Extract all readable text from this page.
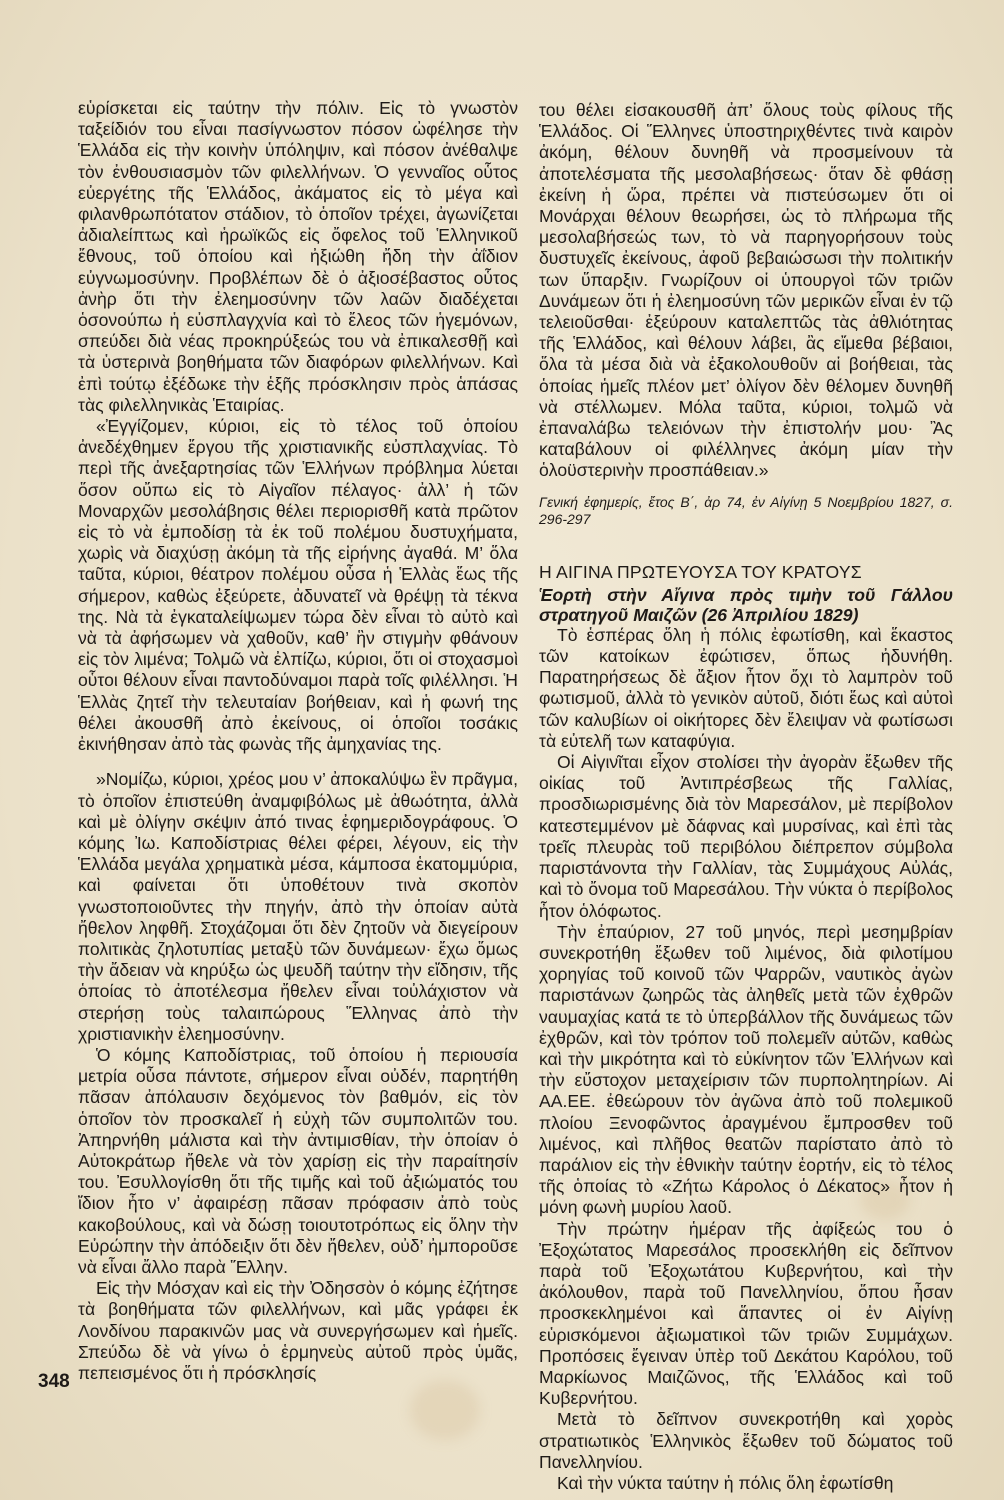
εὑρίσκεται εἰς ταύτην τὴν πόλιν. Εἰς τὸ γνωστὸν ταξείδιόν του εἶναι πασίγνωστον πόσον ὠφέλησε τὴν Ἑλλάδα εἰς τὴν κοινὴν ὑπόληψιν, καὶ πόσον ἀνέθαλψε τὸν ἐνθουσιασμὸν τῶν φιλελλήνων. Ὁ γενναῖος οὗτος εὐεργέτης τῆς Ἑλλάδος, ἀκάματος εἰς τὸ μέγα καὶ φιλανθρωπότατον στάδιον, τὸ ὁποῖον τρέχει, ἀγωνίζεται ἀδιαλείπτως καὶ ἡρωϊκῶς εἰς ὄφελος τοῦ Ἑλληνικοῦ ἔθνους, τοῦ ὁποίου καὶ ἠξιώθη ἤδη τὴν ἀΐδιον εὐγνωμοσύνην. Προβλέπων δὲ ὁ ἀξιοσέβαστος οὗτος ἀνὴρ ὅτι τὴν ἐλεημοσύνην τῶν λαῶν διαδέχεται ὁσονούπω ἡ εὐσπλαγχνία καὶ τὸ ἔλεος τῶν ἡγεμόνων, σπεύδει διὰ νέας προκηρύξεώς του νὰ ἐπικαλεσθῇ καὶ τὰ ὑστερινὰ βοηθήματα τῶν διαφόρων φιλελλήνων. Καὶ ἐπὶ τούτῳ ἐξέδωκε τὴν ἑξῆς πρόσκλησιν πρὸς ἁπάσας τὰς φιλελληνικὰς Ἑταιρίας.

«Ἐγγίζομεν, κύριοι, εἰς τὸ τέλος τοῦ ὁποίου ἀνεδέχθημεν ἔργου τῆς χριστιανικῆς εὐσπλαχνίας. Τὸ περὶ τῆς ἀνεξαρτησίας τῶν Ἑλλήνων πρόβλημα λύεται ὅσον οὔπω εἰς τὸ Αἰγαῖον πέλαγος· ἀλλ’ ἡ τῶν Μοναρχῶν μεσολάβησις θέλει περιορισθῆ κατὰ πρῶτον εἰς τὸ νὰ ἐμποδίσῃ τὰ ἐκ τοῦ πολέμου δυστυχήματα, χωρὶς νὰ διαχύσῃ ἀκόμη τὰ τῆς εἰρήνης ἀγαθά. Μ’ ὅλα ταῦτα, κύριοι, θέατρον πολέμου οὖσα ἡ Ἑλλὰς ἕως τῆς σήμερον, καθὼς ἐξεύρετε, ἀδυνατεῖ νὰ θρέψῃ τὰ τέκνα της. Νὰ τὰ ἐγκαταλείψωμεν τώρα δὲν εἶναι τὸ αὐτὸ καὶ νὰ τὰ ἀφήσωμεν νὰ χαθοῦν, καθ’ ἣν στιγμὴν φθάνουν εἰς τὸν λιμένα; Τολμῶ νὰ ἐλπίζω, κύριοι, ὅτι οἱ στοχασμοὶ οὗτοι θέλουν εἶναι παντοδύναμοι παρὰ τοῖς φιλέλλησι. Ἡ Ἑλλὰς ζητεῖ τὴν τελευταίαν βοήθειαν, καὶ ἡ φωνή της θέλει ἀκουσθῆ ἀπὸ ἐκείνους, οἱ ὁποῖοι τοσάκις ἐκινήθησαν ἀπὸ τὰς φωνὰς τῆς ἀμηχανίας της.

»Νομίζω, κύριοι, χρέος μου ν’ ἀποκαλύψω ἓν πρᾶγμα, τὸ ὁποῖον ἐπιστεύθη ἀναμφιβόλως μὲ ἀθωότητα, ἀλλὰ καὶ μὲ ὀλίγην σκέψιν ἀπό τινας ἐφημεριδογράφους. Ὁ κόμης Ἰω. Καποδίστριας θέλει φέρει, λέγουν, εἰς τὴν Ἑλλάδα μεγάλα χρηματικὰ μέσα, κάμποσα ἑκατομμύρια, καὶ φαίνεται ὅτι ὑποθέτουν τινὰ σκοπὸν γνωστοποιοῦντες τὴν πηγήν, ἀπὸ τὴν ὁποίαν αὐτὰ ἤθελον ληφθῆ. Στοχάζομαι ὅτι δὲν ζητοῦν νὰ διεγείρουν πολιτικὰς ζηλοτυπίας μεταξὺ τῶν δυνάμεων· ἔχω ὅμως τὴν ἄδειαν νὰ κηρύξω ὡς ψευδῆ ταύτην τὴν εἴδησιν, τῆς ὁποίας τὸ ἀποτέλεσμα ἤθελεν εἶναι τοὐλάχιστον νὰ στερήσῃ τοὺς ταλαιπώρους Ἕλληνας ἀπὸ τὴν χριστιανικὴν ἐλεημοσύνην.

Ὁ κόμης Καποδίστριας, τοῦ ὁποίου ἡ περιουσία μετρία οὖσα πάντοτε, σήμερον εἶναι οὐδέν, παρητήθη πᾶσαν ἀπόλαυσιν δεχόμενος τὸν βαθμόν, εἰς τὸν ὁποῖον τὸν προσκαλεῖ ἡ εὐχὴ τῶν συμπολιτῶν του. Ἀπηρνήθη μάλιστα καὶ τὴν ἀντιμισθίαν, τὴν ὁποίαν ὁ Αὐτοκράτωρ ἤθελε νὰ τὸν χαρίσῃ εἰς τὴν παραίτησίν του. Ἐσυλλογίσθη ὅτι τῆς τιμῆς καὶ τοῦ ἀξιώματός του ἴδιον ἦτο ν’ ἀφαιρέσῃ πᾶσαν πρόφασιν ἀπὸ τοὺς κακοβούλους, καὶ νὰ δώσῃ τοιουτοτρόπως εἰς ὅλην τὴν Εὐρώπην τὴν ἀπόδειξιν ὅτι δὲν ἤθελεν, οὐδ’ ἠμποροῦσε νὰ εἶναι ἄλλο παρὰ Ἕλλην.

Εἰς τὴν Μόσχαν καὶ εἰς τὴν Ὀδησσὸν ὁ κόμης ἐζήτησε τὰ βοηθήματα τῶν φιλελλήνων, καὶ μᾶς γράφει ἐκ Λονδίνου παρακινῶν μας νὰ συνεργήσωμεν καὶ ἡμεῖς. Σπεύδω δὲ νὰ γίνω ὁ ἑρμηνεὺς αὐτοῦ πρὸς ὑμᾶς, πεπεισμένος ὅτι ἡ πρόσκλησίς

του θέλει εἰσακουσθῆ ἀπ’ ὅλους τοὺς φίλους τῆς Ἑλλάδος. Οἱ Ἕλληνες ὑποστηριχθέντες τινὰ καιρὸν ἀκόμη, θέλουν δυνηθῆ νὰ προσμείνουν τὰ ἀποτελέσματα τῆς μεσολαβήσεως· ὅταν δὲ φθάσῃ ἐκείνη ἡ ὥρα, πρέπει νὰ πιστεύσωμεν ὅτι οἱ Μονάρχαι θέλουν θεωρήσει, ὡς τὸ πλήρωμα τῆς μεσολαβήσεώς των, τὸ νὰ παρηγορήσουν τοὺς δυστυχεῖς ἐκείνους, ἀφοῦ βεβαιώσωσι τὴν πολιτικήν των ὕπαρξιν. Γνωρίζουν οἱ ὑπουργοὶ τῶν τριῶν Δυνάμεων ὅτι ἡ ἐλεημοσύνη τῶν μερικῶν εἶναι ἐν τῷ τελειοῦσθαι· ἐξεύρουν καταλεπτῶς τὰς ἀθλιότητας τῆς Ἑλλάδος, καὶ θέλουν λάβει, ἂς εἴμεθα βέβαιοι, ὅλα τὰ μέσα διὰ νὰ ἐξακολουθοῦν αἱ βοήθειαι, τὰς ὁποίας ἡμεῖς πλέον μετ’ ὀλίγον δὲν θέλομεν δυνηθῆ νὰ στέλλωμεν. Μόλα ταῦτα, κύριοι, τολμῶ νὰ ἐπαναλάβω τελειόνων τὴν ἐπιστολήν μου· Ἂς καταβάλουν οἱ φιλέλληνες ἀκόμη μίαν τὴν ὁλοϋστερινὴν προσπάθειαν.»

Γενική ἐφημερίς, ἔτος Β΄, ἀρ 74, ἐν Αἰγίνῃ 5 Νοεμβρίου 1827, σ. 296-297

Η ΑΙΓΙΝΑ ΠΡΩΤΕΥΟΥΣΑ ΤΟΥ ΚΡΑΤΟΥΣ

Ἑορτὴ στὴν Αἴγινα πρὸς τιμὴν τοῦ Γάλλου στρατηγοῦ Μαιζῶν (26 Ἀπριλίου 1829)

Τὸ ἑσπέρας ὅλη ἡ πόλις ἐφωτίσθη, καὶ ἕκαστος τῶν κατοίκων ἐφώτισεν, ὅπως ἠδυνήθη. Παρατηρήσεως δὲ ἄξιον ἦτον ὄχι τὸ λαμπρὸν τοῦ φωτισμοῦ, ἀλλὰ τὸ γενικὸν αὐτοῦ, διότι ἕως καὶ αὐτοὶ τῶν καλυβίων οἱ οἰκήτορες δὲν ἔλειψαν νὰ φωτίσωσι τὰ εὐτελῆ των καταφύγια.

Οἱ Αἰγινῖται εἶχον στολίσει τὴν ἀγορὰν ἔξωθεν τῆς οἰκίας τοῦ Ἀντιπρέσβεως τῆς Γαλλίας, προσδιωρισμένης διὰ τὸν Μαρεσάλον, μὲ περίβολον κατεστεμμένον μὲ δάφνας καὶ μυρσίνας, καὶ ἐπὶ τὰς τρεῖς πλευρὰς τοῦ περιβόλου διέπρεπον σύμβολα παριστάνοντα τὴν Γαλλίαν, τὰς Συμμάχους Αὐλάς, καὶ τὸ ὄνομα τοῦ Μαρεσάλου. Τὴν νύκτα ὁ περίβολος ἦτον ὁλόφωτος.

Τὴν ἐπαύριον, 27 τοῦ μηνός, περὶ μεσημβρίαν συνεκροτήθη ἔξωθεν τοῦ λιμένος, διὰ φιλοτίμου χορηγίας τοῦ κοινοῦ τῶν Ψαρρῶν, ναυτικὸς ἀγὼν παριστάνων ζωηρῶς τὰς ἀληθεῖς μετὰ τῶν ἐχθρῶν ναυμαχίας κατά τε τὸ ὑπερβάλλον τῆς δυνάμεως τῶν ἐχθρῶν, καὶ τὸν τρόπον τοῦ πολεμεῖν αὐτῶν, καθὼς καὶ τὴν μικρότητα καὶ τὸ εὐκίνητον τῶν Ἑλλήνων καὶ τὴν εὔστοχον μεταχείρισιν τῶν πυρπολητηρίων. Αἱ ΑΑ.ΕΕ. ἐθεώρουν τὸν ἀγῶνα ἀπὸ τοῦ πολεμικοῦ πλοίου Ξενοφῶντος ἀραγμένου ἔμπροσθεν τοῦ λιμένος, καὶ πλῆθος θεατῶν παρίστατο ἀπὸ τὸ παράλιον εἰς τὴν ἐθνικὴν ταύτην ἑορτήν, εἰς τὸ τέλος τῆς ὁποίας τὸ «Ζήτω Κάρολος ὁ Δέκατος» ἦτον ἡ μόνη φωνὴ μυρίου λαοῦ.

Τὴν πρώτην ἡμέραν τῆς ἀφίξεώς του ὁ Ἐξοχώτατος Μαρεσάλος προσεκλήθη εἰς δεῖπνον παρὰ τοῦ Ἐξοχωτάτου Κυβερνήτου, καὶ τὴν ἀκόλουθον, παρὰ τοῦ Πανελληνίου, ὅπου ἦσαν προσκεκλημένοι καὶ ἅπαντες οἱ ἐν Αἰγίνῃ εὑρισκόμενοι ἀξιωματικοὶ τῶν τριῶν Συμμάχων. Προπόσεις ἔγειναν ὑπὲρ τοῦ Δεκάτου Καρόλου, τοῦ Μαρκίωνος Μαιζῶνος, τῆς Ἑλλάδος καὶ τοῦ Κυβερνήτου.

Μετὰ τὸ δεῖπνον συνεκροτήθη καὶ χορὸς στρατιωτικὸς Ἑλληνικὸς ἔξωθεν τοῦ δώματος τοῦ Πανελληνίου.

Καὶ τὴν νύκτα ταύτην ἡ πόλις ὅλη ἐφωτίσθη

348
